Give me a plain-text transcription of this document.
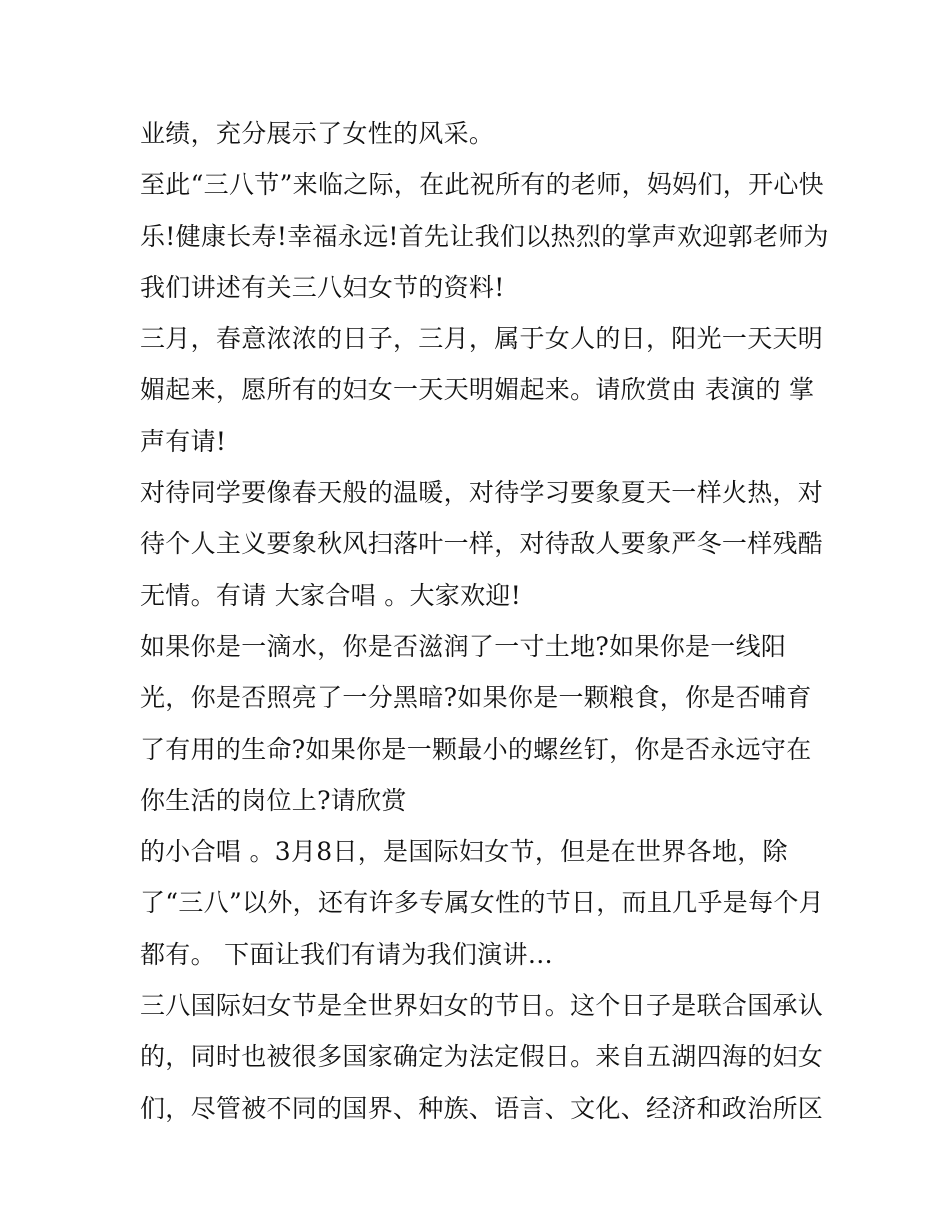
业绩，充分展示了女性的风采。
至此“三八节”来临之际，在此祝所有的老师，妈妈们，开心快
乐!健康长寿!幸福永远!首先让我们以热烈的掌声欢迎郭老师为
我们讲述有关三八妇女节的资料!
三月，春意浓浓的日子，三月，属于女人的日，阳光一天天明
媚起来，愿所有的妇女一天天明媚起来。请欣赏由 表演的 掌
声有请!
对待同学要像春天般的温暖，对待学习要象夏天一样火热，对
待个人主义要象秋风扫落叶一样，对待敌人要象严冬一样残酷
无情。有请 大家合唱 。大家欢迎!
如果你是一滴水，你是否滋润了一寸土地?如果你是一线阳
光，你是否照亮了一分黑暗?如果你是一颗粮食，你是否哺育
了有用的生命?如果你是一颗最小的螺丝钉，你是否永远守在
你生活的岗位上?请欣赏
的小合唱 。3月8日，是国际妇女节，但是在世界各地，除
了“三八”以外，还有许多专属女性的节日，而且几乎是每个月
都有。 下面让我们有请为我们演讲…
三八国际妇女节是全世界妇女的节日。这个日子是联合国承认
的，同时也被很多国家确定为法定假日。来自五湖四海的妇女
们，尽管被不同的国界、种族、语言、文化、经济和政治所区
